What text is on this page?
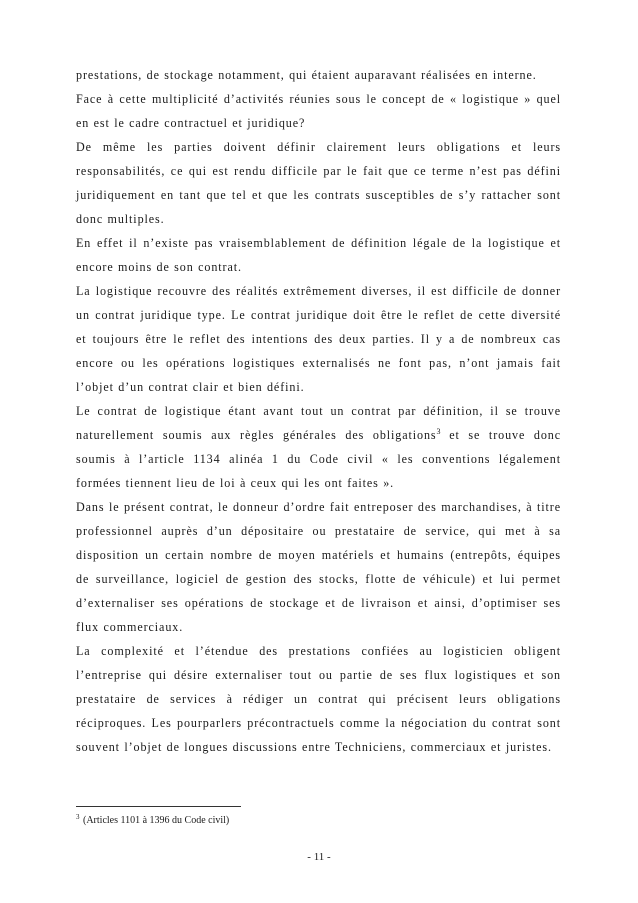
prestations, de stockage notamment, qui étaient auparavant réalisées en interne.

Face à cette multiplicité d’activités réunies sous le concept de « logistique » quel en est le cadre contractuel et juridique?

De même les parties doivent définir clairement leurs obligations et leurs responsabilités, ce qui est rendu difficile par le fait que ce terme n’est pas défini juridiquement en tant que tel et que les contrats susceptibles de s’y rattacher sont donc multiples.

En effet il n’existe pas vraisemblablement de définition légale de la logistique et encore moins de son contrat.

La logistique recouvre des réalités extrêmement diverses, il est difficile de donner un contrat juridique type. Le contrat juridique doit être le reflet de cette diversité et toujours être le reflet des intentions des deux parties. Il y a de nombreux cas encore ou les opérations logistiques externalisés ne font pas, n’ont jamais fait l’objet d’un contrat clair et bien défini.

Le contrat de logistique étant avant tout un contrat par définition, il se trouve naturellement soumis aux règles générales des obligations$^3$ et se trouve donc soumis à l’article 1134 alinéa 1 du Code civil « les conventions légalement formées tiennent lieu de loi à ceux qui les ont faites ».

Dans le présent contrat, le donneur d’ordre fait entreposer des marchandises, à titre professionnel auprès d’un dépositaire ou prestataire de service, qui met à sa disposition un certain nombre de moyen matériels et humains (entrepôts, équipes de surveillance, logiciel de gestion des stocks, flotte de véhicule) et lui permet d’externaliser ses opérations de stockage et de livraison et ainsi, d’optimiser ses flux commerciaux.

La complexité et l’étendue des prestations confiées au logisticien obligent l’entreprise qui désire externaliser tout ou partie de ses flux logistiques et son prestataire de services à rédiger un contrat qui précisent leurs obligations réciproques. Les pourparlers précontractuels comme la négociation du contrat sont souvent l’objet de longues discussions entre Techniciens, commerciaux et juristes.

$^3$ (Articles 1101 à 1396 du Code civil)
- 11 -
